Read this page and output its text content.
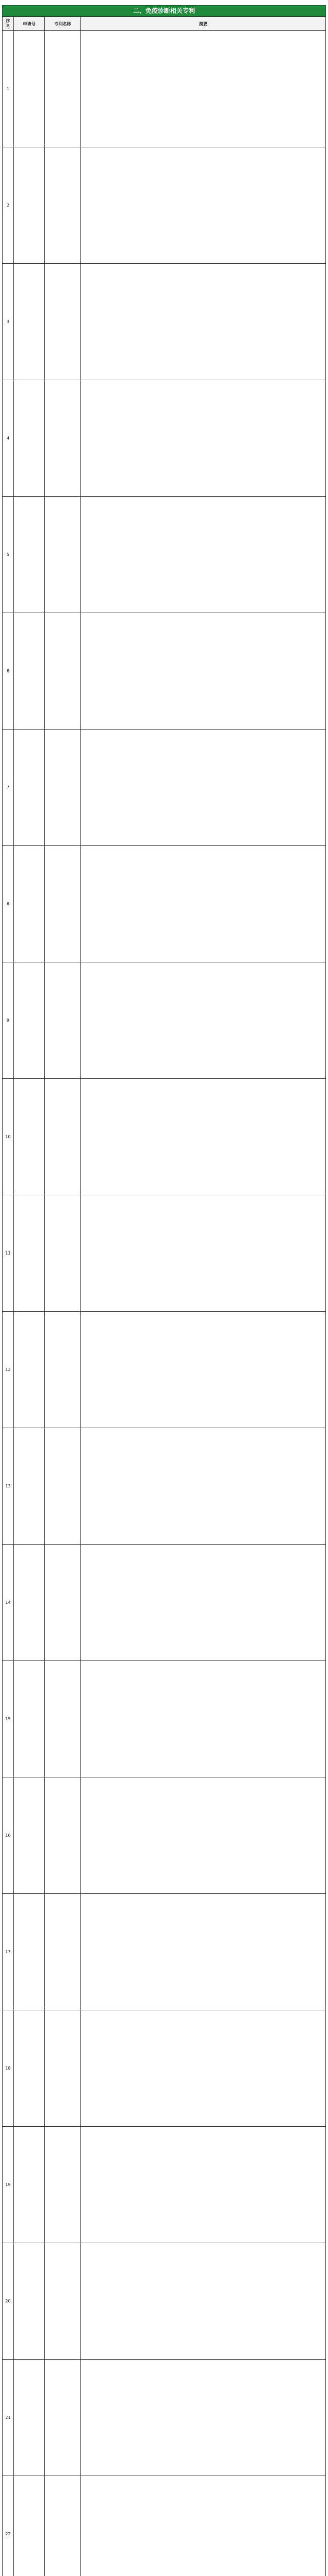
二、免疫诊断相关专利
序号	申请号	专利名称	摘要
1			
2			
3			
4			
5			
6			
7			
8			
9			
10			
11			
12			
13			
14			
15			
16			
17			
18			
19			
20			
21			
22			
